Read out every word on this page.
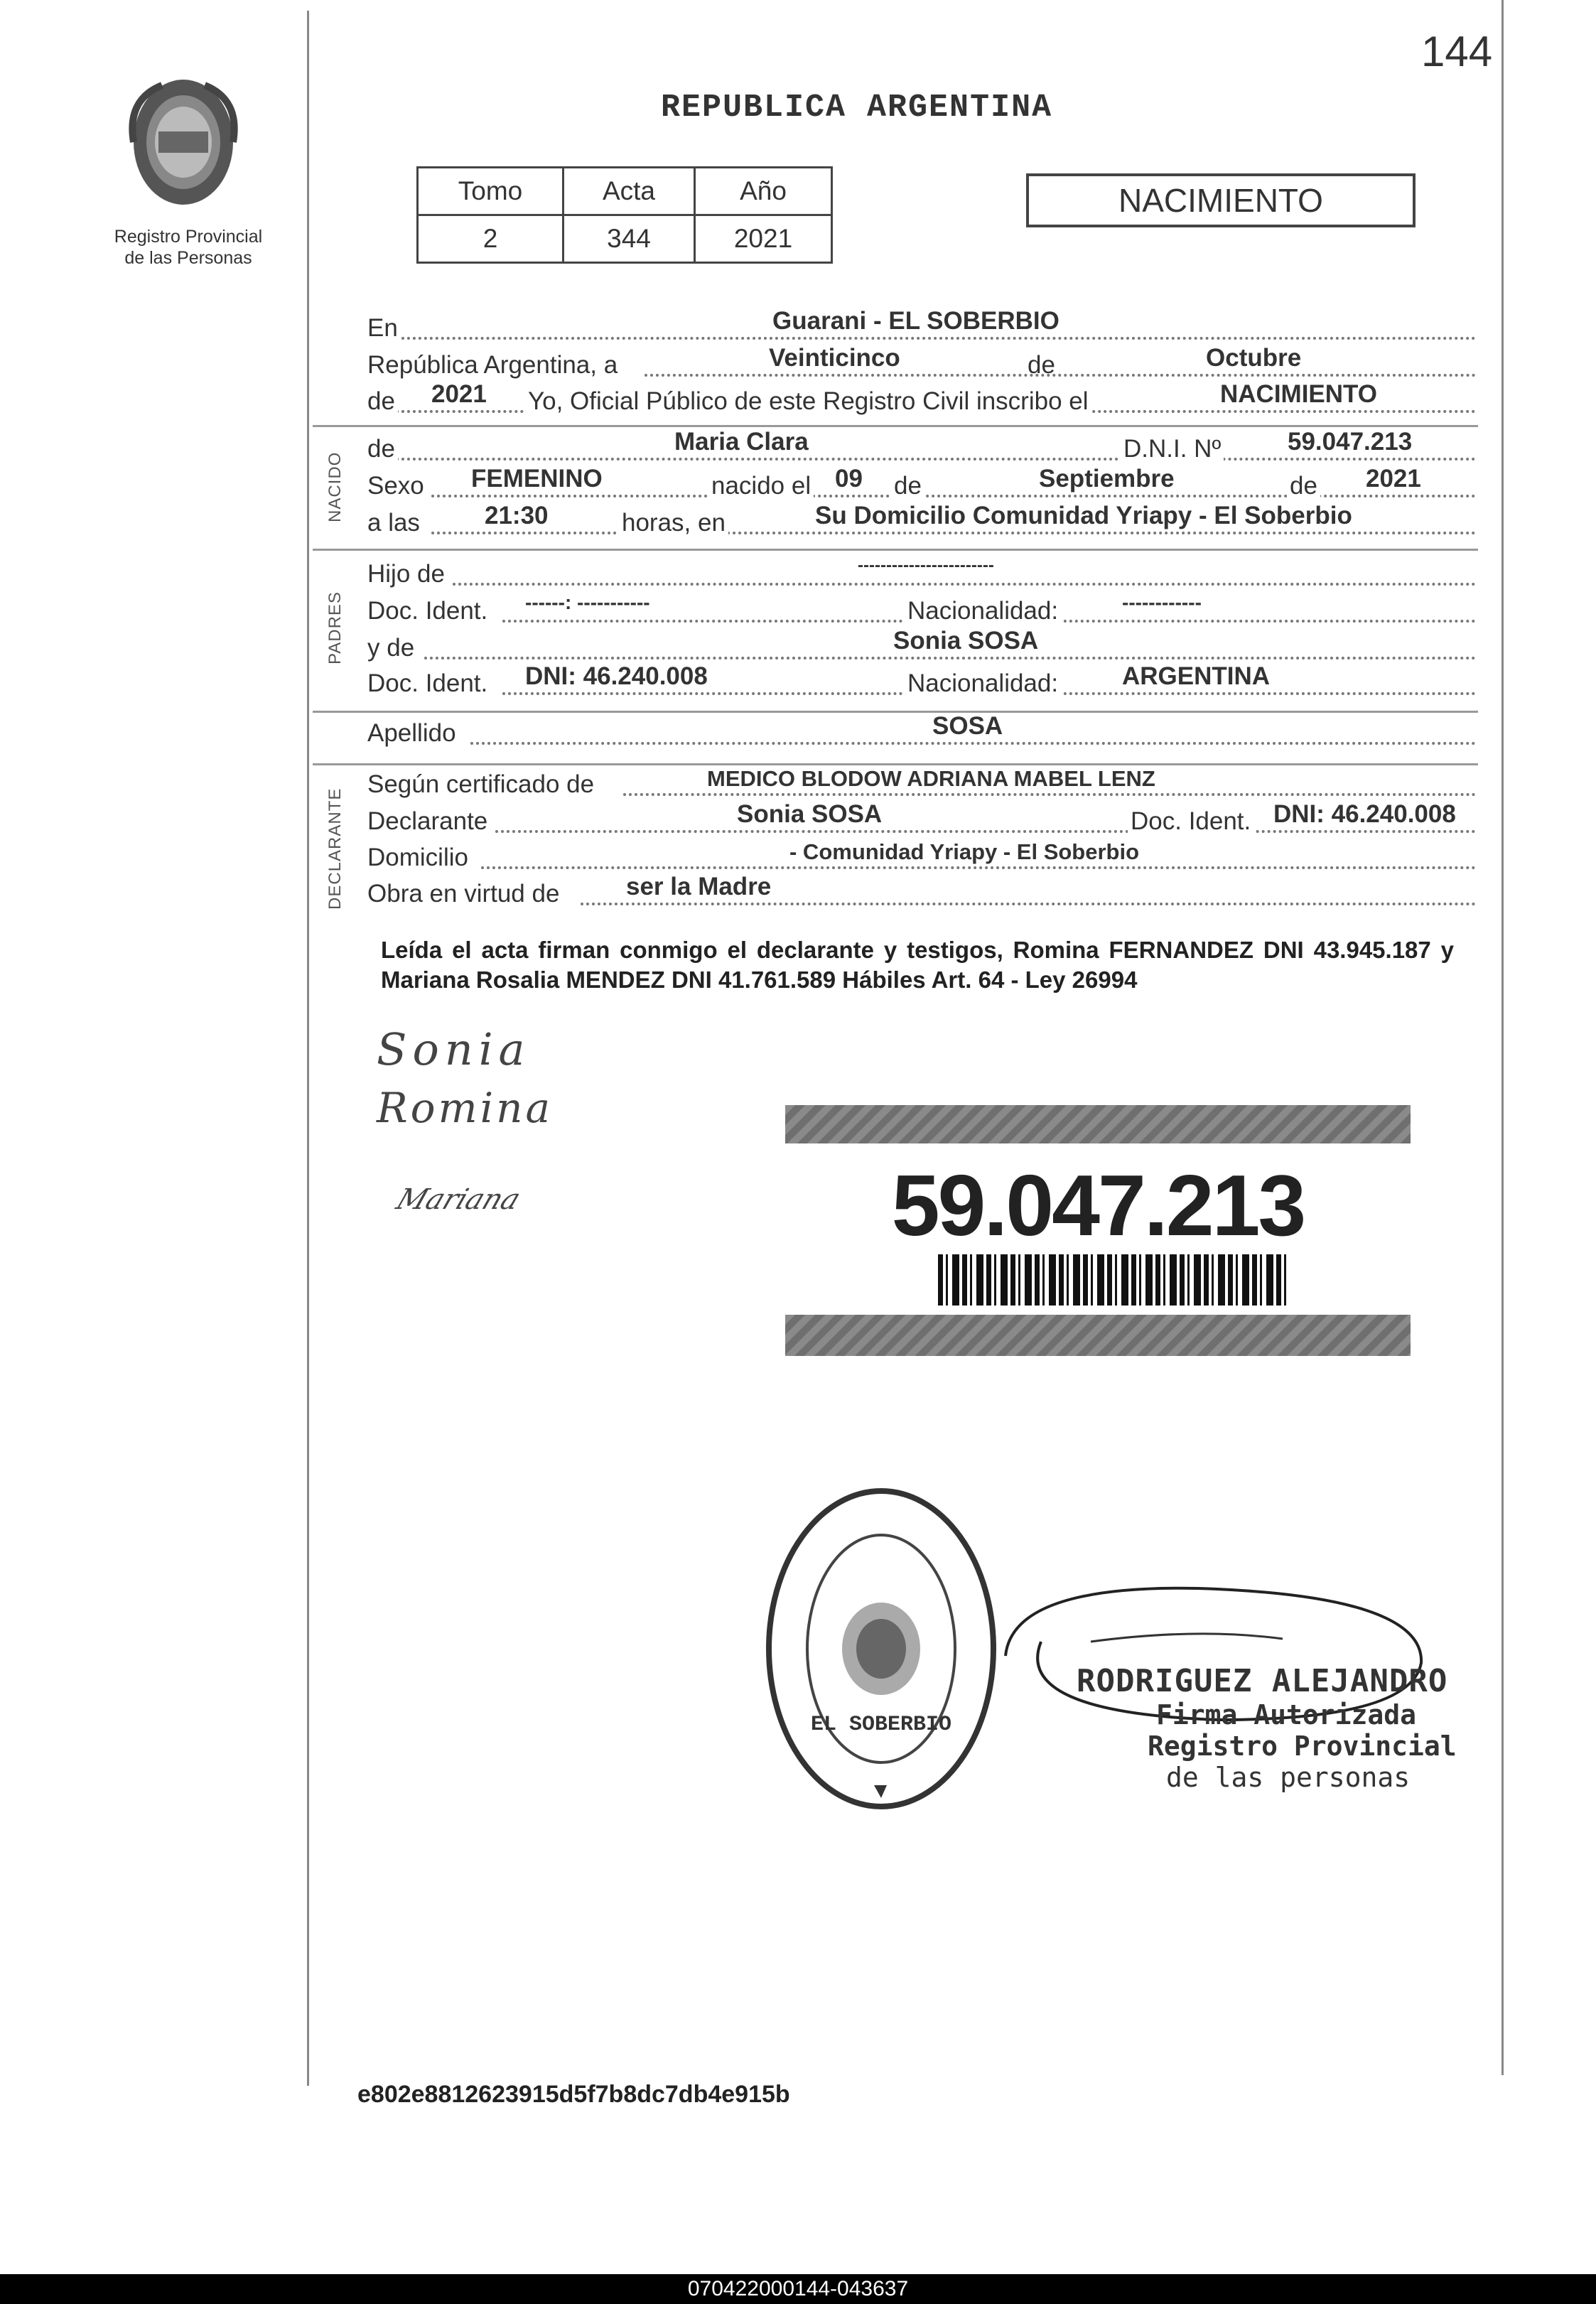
144
Registro Provincial
de las Personas
REPUBLICA ARGENTINA
Tomo	Acta	Año
2	344	2021
NACIMIENTO
En	Guarani - EL SOBERBIO
República Argentina, a	Veinticinco	de	Octubre
de 2021 Yo, Oficial Público de este Registro Civil inscribo el	NACIMIENTO
NACIDO
de	Maria Clara	D.N.I. Nº	59.047.213
Sexo FEMENINO	nacido el 09 de	Septiembre	de 2021
a las	21:30	horas, en	Su Domicilio Comunidad Yriapy - El Soberbio
PADRES
Hijo de	------------------------
Doc. Ident. ------: -----------	Nacionalidad:	------------
y de	Sonia SOSA
Doc. Ident. DNI: 46.240.008	Nacionalidad:	ARGENTINA
Apellido	SOSA
DECLARANTE
Según certificado de	MEDICO BLODOW ADRIANA MABEL LENZ
Declarante	Sonia SOSA	Doc. Ident. DNI: 46.240.008
Domicilio	- Comunidad Yriapy - El Soberbio
Obra en virtud de	ser la Madre
Leída el acta firman conmigo el declarante y testigos, Romina FERNANDEZ DNI 43.945.187 y Mariana Rosalia MENDEZ DNI 41.761.589 Hábiles Art. 64 - Ley 26994
Sonia
Romina
Mariana	59.047.213
EL SOBERBIO
RODRIGUEZ ALEJANDRO
Firma Autorizada
Registro Provincial
de las personas
e802e8812623915d5f7b8dc7db4e915b
070422000144-043637
